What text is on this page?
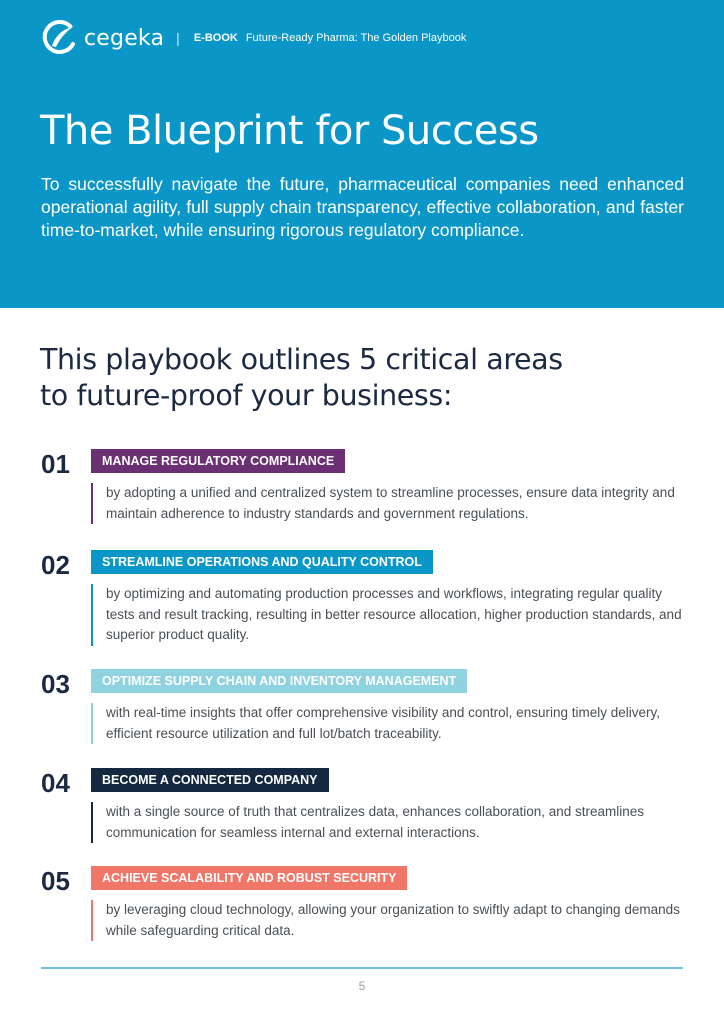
cegeka | E-BOOK Future-Ready Pharma: The Golden Playbook
The Blueprint for Success

To successfully navigate the future, pharmaceutical companies need enhanced operational agility, full supply chain transparency, effective collaboration, and faster time-to-market, while ensuring rigorous regulatory compliance.

This playbook outlines 5 critical areas
to future-proof your business:
01	MANAGE REGULATORY COMPLIANCE
by adopting a unified and centralized system to streamline processes, ensure data integrity and maintain adherence to industry standards and government regulations.
02	STREAMLINE OPERATIONS AND QUALITY CONTROL
by optimizing and automating production processes and workflows, integrating regular quality tests and result tracking, resulting in better resource allocation, higher production standards, and superior product quality.
03	OPTIMIZE SUPPLY CHAIN AND INVENTORY MANAGEMENT
with real-time insights that offer comprehensive visibility and control, ensuring timely delivery, efficient resource utilization and full lot/batch traceability.
04	BECOME A CONNECTED COMPANY
with a single source of truth that centralizes data, enhances collaboration, and streamlines communication for seamless internal and external interactions.
05	ACHIEVE SCALABILITY AND ROBUST SECURITY
by leveraging cloud technology, allowing your organization to swiftly adapt to changing demands while safeguarding critical data.
5
